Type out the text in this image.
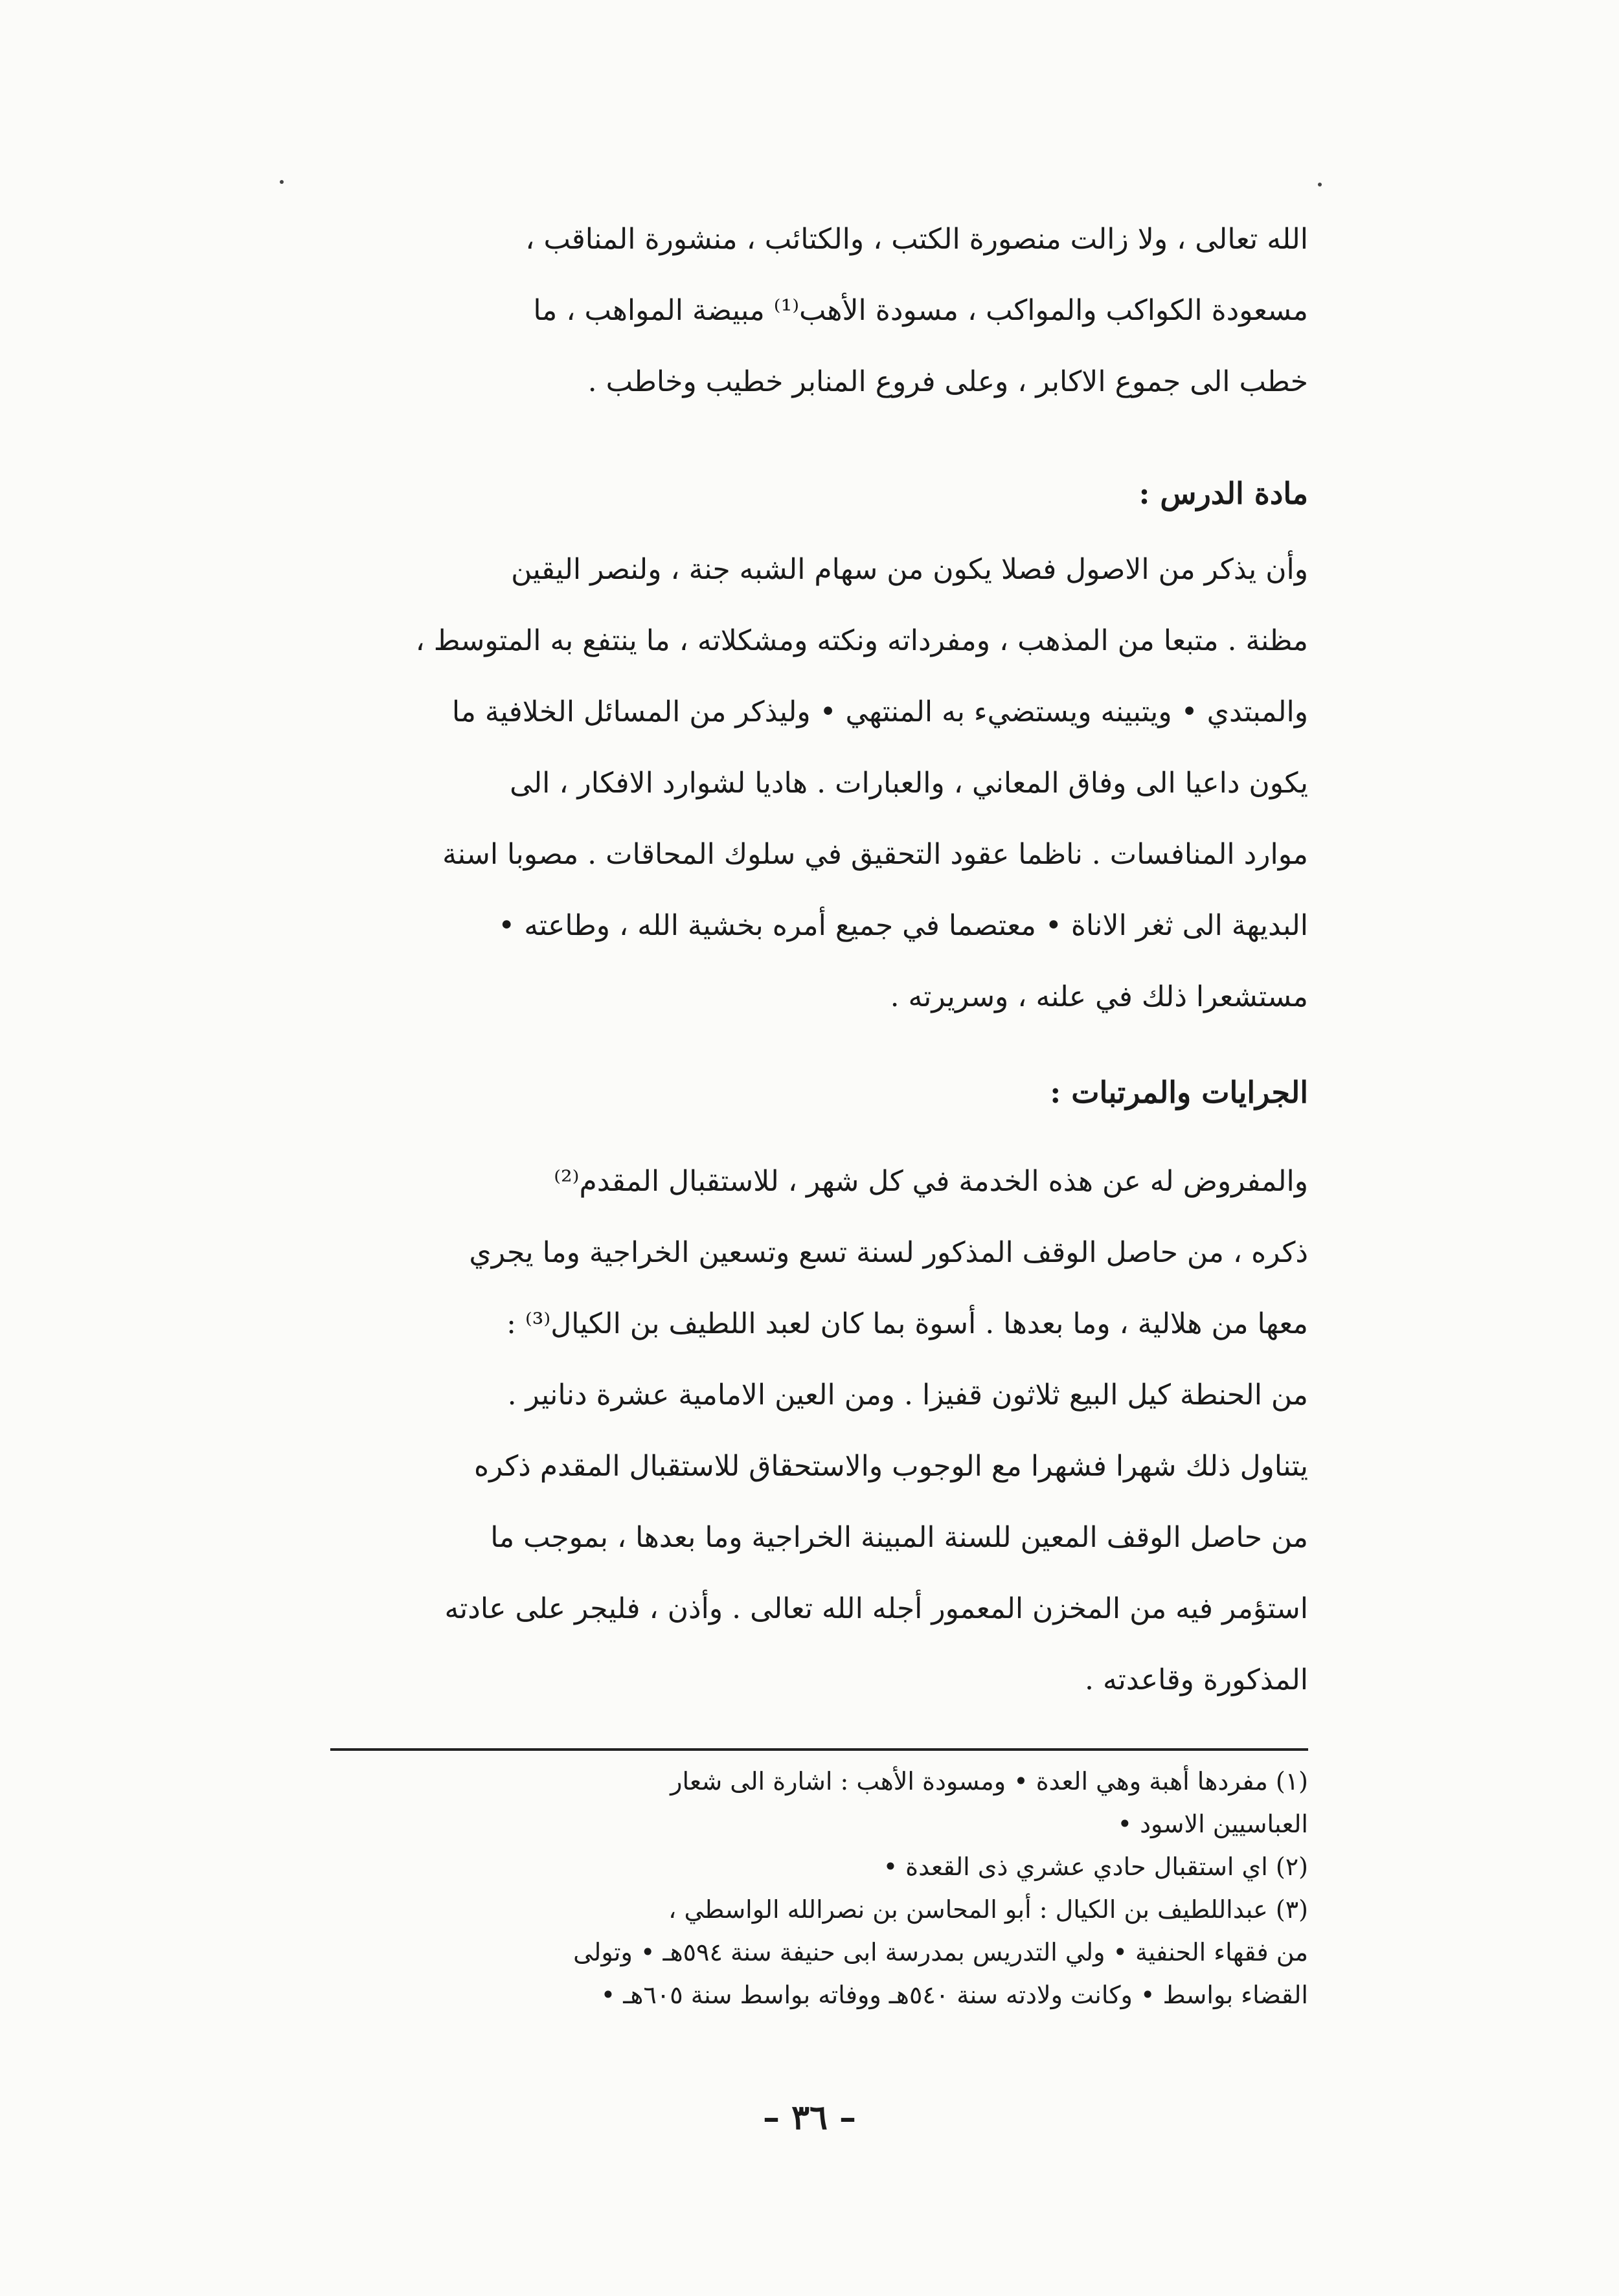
الله تعالى ، ولا زالت منصورة الكتب ، والكتائب ، منشورة المناقب ،
مسعودة الكواكب والمواكب ، مسودة الأهب⁽¹⁾ مبيضة المواهب ، ما
خطب الى جموع الاكابر ، وعلى فروع المنابر خطيب وخاطب .
مادة الدرس :
وأن يذكر من الاصول فصلا يكون من سهام الشبه جنة ، ولنصر اليقين
مظنة . متبعا من المذهب ، ومفرداته ونكته ومشكلاته ، ما ينتفع به المتوسط ،
والمبتدي • ويتبينه ويستضيء به المنتهي • وليذكر من المسائل الخلافية ما
يكون داعيا الى وفاق المعاني ، والعبارات . هاديا لشوارد الافكار ، الى
موارد المنافسات . ناظما عقود التحقيق في سلوك المحاقات . مصوبا اسنة
البديهة الى ثغر الاناة • معتصما في جميع أمره بخشية الله ، وطاعته •
مستشعرا ذلك في علنه ، وسريرته .
الجرايات والمرتبات :
والمفروض له عن هذه الخدمة في كل شهر ، للاستقبال المقدم⁽²⁾
ذكره ، من حاصل الوقف المذكور لسنة تسع وتسعين الخراجية وما يجري
معها من هلالية ، وما بعدها . أسوة بما كان لعبد اللطيف بن الكيال⁽³⁾ :
من الحنطة كيل البيع ثلاثون قفيزا . ومن العين الامامية عشرة دنانير .
يتناول ذلك شهرا فشهرا مع الوجوب والاستحقاق للاستقبال المقدم ذكره
من حاصل الوقف المعين للسنة المبينة الخراجية وما بعدها ، بموجب ما
استؤمر فيه من المخزن المعمور أجله الله تعالى . وأذن ، فليجر على عادته
المذكورة وقاعدته .
(١) مفردها أهبة وهي العدة • ومسودة الأهب : اشارة الى شعار
العباسيين الاسود •
(٢) اي استقبال حادي عشري ذى القعدة •
(٣) عبداللطيف بن الكيال : أبو المحاسن بن نصرالله الواسطي ،
من فقهاء الحنفية • ولي التدريس بمدرسة ابى حنيفة سنة ٥٩٤هـ • وتولى
القضاء بواسط • وكانت ولادته سنة ٥٤٠هـ ووفاته بواسط سنة ٦٠٥هـ •
– ٣٦ –
